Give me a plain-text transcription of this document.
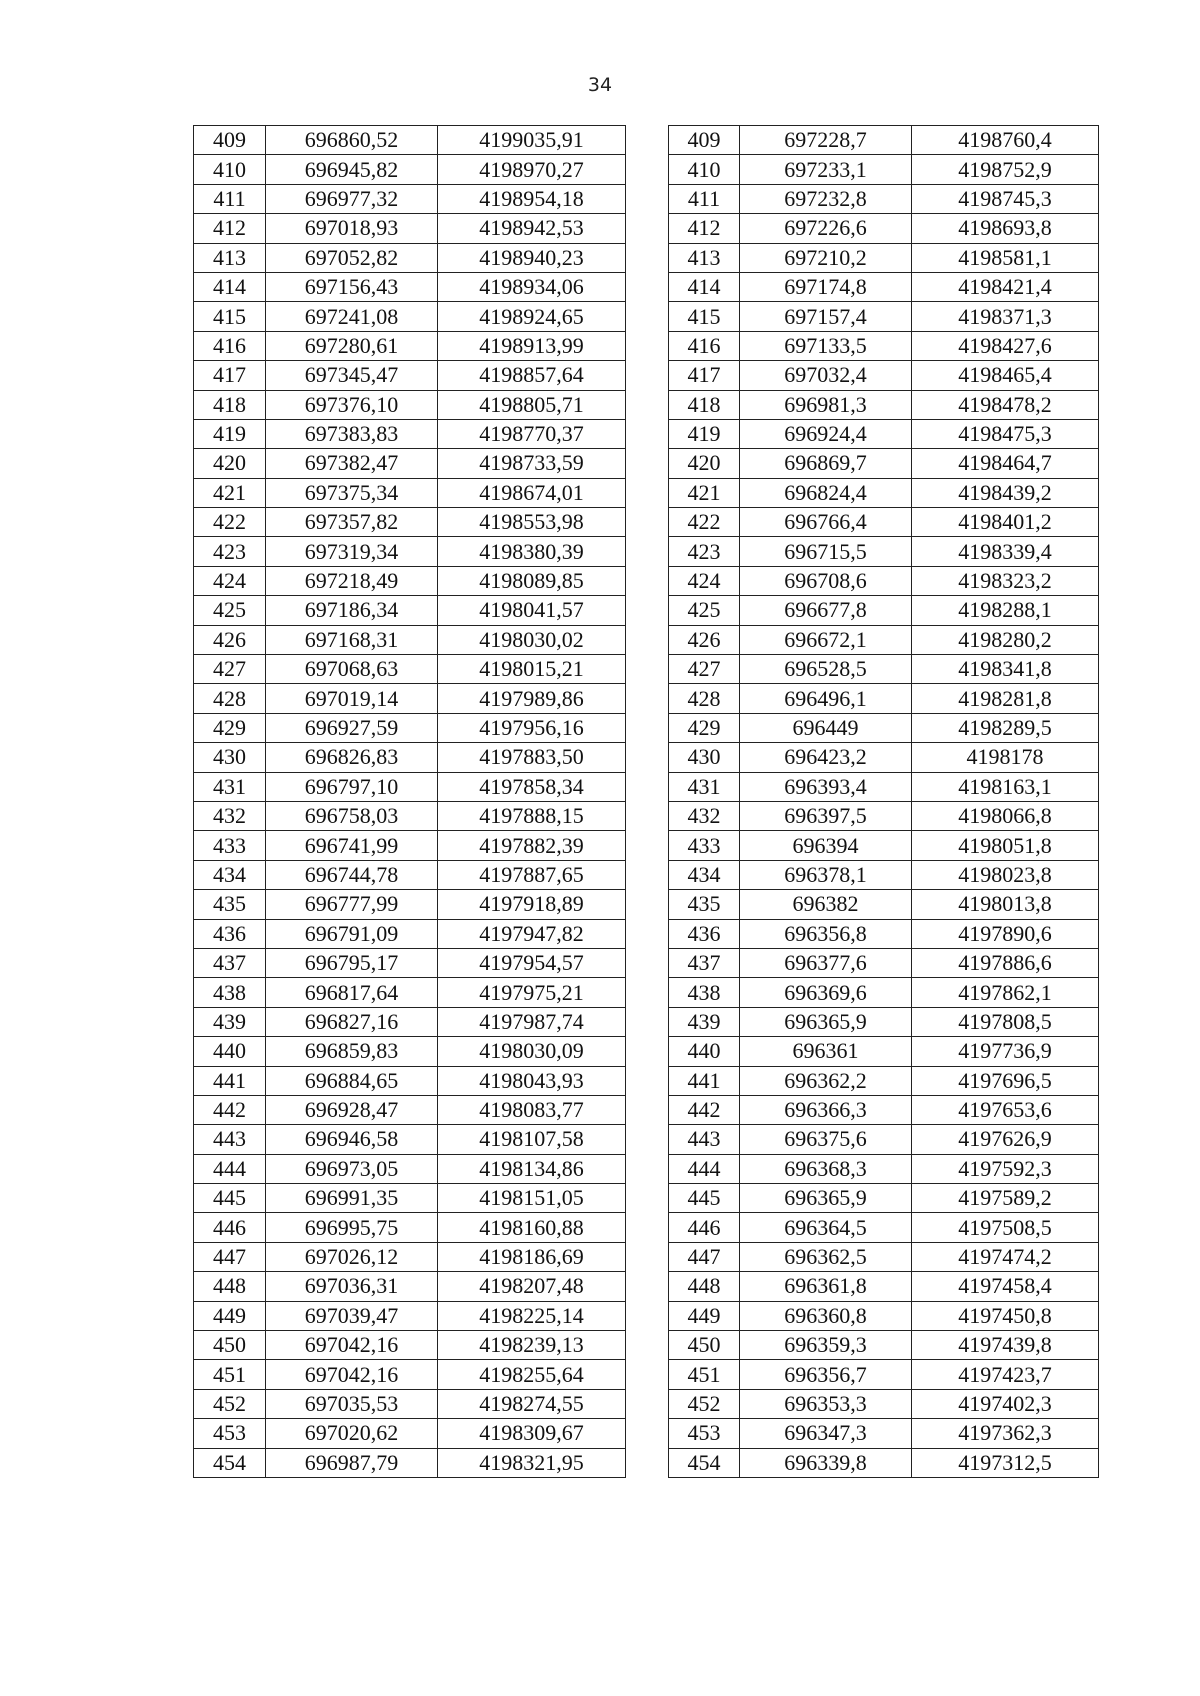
34
409	696860,52	4199035,91
410	696945,82	4198970,27
411	696977,32	4198954,18
412	697018,93	4198942,53
413	697052,82	4198940,23
414	697156,43	4198934,06
415	697241,08	4198924,65
416	697280,61	4198913,99
417	697345,47	4198857,64
418	697376,10	4198805,71
419	697383,83	4198770,37
420	697382,47	4198733,59
421	697375,34	4198674,01
422	697357,82	4198553,98
423	697319,34	4198380,39
424	697218,49	4198089,85
425	697186,34	4198041,57
426	697168,31	4198030,02
427	697068,63	4198015,21
428	697019,14	4197989,86
429	696927,59	4197956,16
430	696826,83	4197883,50
431	696797,10	4197858,34
432	696758,03	4197888,15
433	696741,99	4197882,39
434	696744,78	4197887,65
435	696777,99	4197918,89
436	696791,09	4197947,82
437	696795,17	4197954,57
438	696817,64	4197975,21
439	696827,16	4197987,74
440	696859,83	4198030,09
441	696884,65	4198043,93
442	696928,47	4198083,77
443	696946,58	4198107,58
444	696973,05	4198134,86
445	696991,35	4198151,05
446	696995,75	4198160,88
447	697026,12	4198186,69
448	697036,31	4198207,48
449	697039,47	4198225,14
450	697042,16	4198239,13
451	697042,16	4198255,64
452	697035,53	4198274,55
453	697020,62	4198309,67
454	696987,79	4198321,95
409	697228,7	4198760,4
410	697233,1	4198752,9
411	697232,8	4198745,3
412	697226,6	4198693,8
413	697210,2	4198581,1
414	697174,8	4198421,4
415	697157,4	4198371,3
416	697133,5	4198427,6
417	697032,4	4198465,4
418	696981,3	4198478,2
419	696924,4	4198475,3
420	696869,7	4198464,7
421	696824,4	4198439,2
422	696766,4	4198401,2
423	696715,5	4198339,4
424	696708,6	4198323,2
425	696677,8	4198288,1
426	696672,1	4198280,2
427	696528,5	4198341,8
428	696496,1	4198281,8
429	696449	4198289,5
430	696423,2	4198178
431	696393,4	4198163,1
432	696397,5	4198066,8
433	696394	4198051,8
434	696378,1	4198023,8
435	696382	4198013,8
436	696356,8	4197890,6
437	696377,6	4197886,6
438	696369,6	4197862,1
439	696365,9	4197808,5
440	696361	4197736,9
441	696362,2	4197696,5
442	696366,3	4197653,6
443	696375,6	4197626,9
444	696368,3	4197592,3
445	696365,9	4197589,2
446	696364,5	4197508,5
447	696362,5	4197474,2
448	696361,8	4197458,4
449	696360,8	4197450,8
450	696359,3	4197439,8
451	696356,7	4197423,7
452	696353,3	4197402,3
453	696347,3	4197362,3
454	696339,8	4197312,5
